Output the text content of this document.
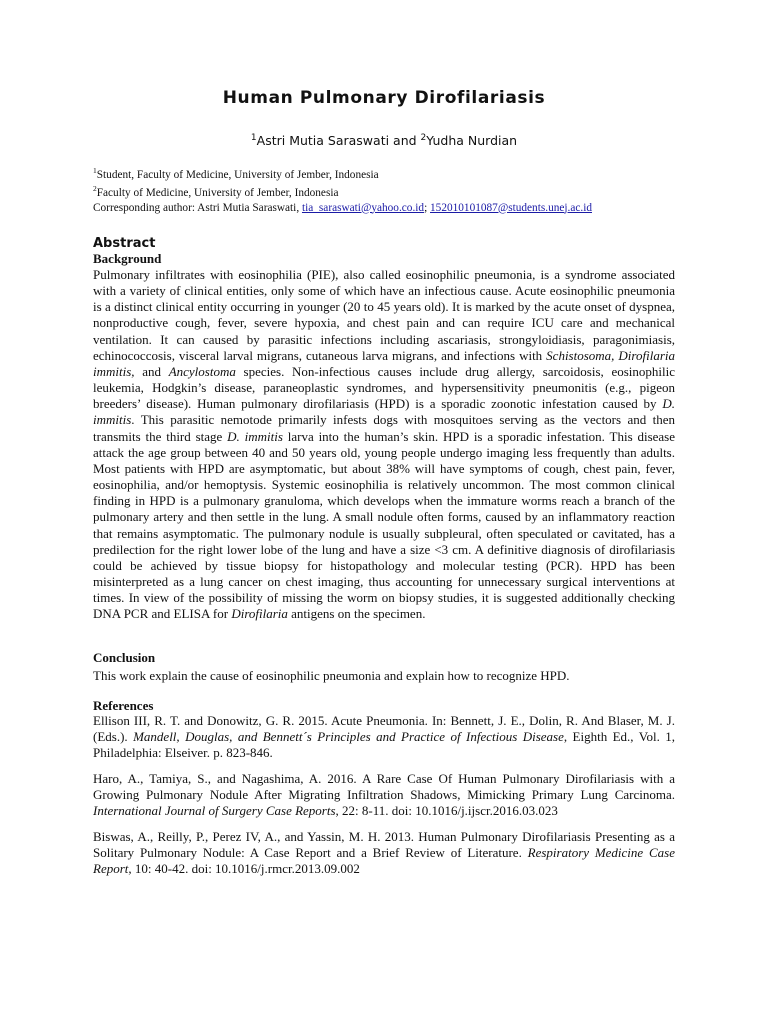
Human Pulmonary Dirofilariasis
$^1$Astri Mutia Saraswati and $^2$Yudha Nurdian
$^1$Student, Faculty of Medicine, University of Jember, Indonesia
$^2$Faculty of Medicine, University of Jember, Indonesia
Corresponding author: Astri Mutia Saraswati, tia_saraswati@yahoo.co.id; 152010101087@students.unej.ac.id
Abstract
Background

Pulmonary infiltrates with eosinophilia (PIE), also called eosinophilic pneumonia, is a syndrome associated with a variety of clinical entities, only some of which have an infectious cause. Acute eosinophilic pneumonia is a distinct clinical entity occurring in younger (20 to 45 years old). It is marked by the acute onset of dyspnea, nonproductive cough, fever, severe hypoxia, and chest pain and can require ICU care and mechanical ventilation. It can caused by parasitic infections including ascariasis, strongyloidiasis, paragonimiasis, echinococcosis, visceral larval migrans, cutaneous larva migrans, and infections with Schistosoma, Dirofilaria immitis, and Ancylostoma species. Non-infectious causes include drug allergy, sarcoidosis, eosinophilic leukemia, Hodgkin’s disease, paraneoplastic syndromes, and hypersensitivity pneumonitis (e.g., pigeon breeders’ disease). Human pulmonary dirofilariasis (HPD) is a sporadic zoonotic infestation caused by D. immitis. This parasitic nemotode primarily infests dogs with mosquitoes serving as the vectors and then transmits the third stage D. immitis larva into the human’s skin. HPD is a sporadic infestation. This disease attack the age group between 40 and 50 years old, young people undergo imaging less frequently than adults. Most patients with HPD are asymptomatic, but about 38% will have symptoms of cough, chest pain, fever, eosinophilia, and/or hemoptysis. Systemic eosinophilia is relatively uncommon. The most common clinical finding in HPD is a pulmonary granuloma, which develops when the immature worms reach a branch of the pulmonary artery and then settle in the lung. A small nodule often forms, caused by an inflammatory reaction that remains asymptomatic. The pulmonary nodule is usually subpleural, often speculated or cavitated, has a predilection for the right lower lobe of the lung and have a size <3 cm. A definitive diagnosis of dirofilariasis could be achieved by tissue biopsy for histopathology and molecular testing (PCR). HPD has been misinterpreted as a lung cancer on chest imaging, thus accounting for unnecessary surgical interventions at times. In view of the possibility of missing the worm on biopsy studies, it is suggested additionally checking DNA PCR and ELISA for Dirofilaria antigens on the specimen.

Conclusion

This work explain the cause of eosinophilic pneumonia and explain how to recognize HPD.

References

Ellison III, R. T. and Donowitz, G. R. 2015. Acute Pneumonia. In: Bennett, J. E., Dolin, R. And Blaser, M. J. (Eds.). Mandell, Douglas, and Bennett´s Principles and Practice of Infectious Disease, Eighth Ed., Vol. 1, Philadelphia: Elseiver. p. 823-846.

Haro, A., Tamiya, S., and Nagashima, A. 2016. A Rare Case Of Human Pulmonary Dirofilariasis with a Growing Pulmonary Nodule After Migrating Infiltration Shadows, Mimicking Primary Lung Carcinoma. International Journal of Surgery Case Reports, 22: 8-11. doi: 10.1016/j.ijscr.2016.03.023

Biswas, A., Reilly, P., Perez IV, A., and Yassin, M. H. 2013. Human Pulmonary Dirofilariasis Presenting as a Solitary Pulmonary Nodule: A Case Report and a Brief Review of Literature. Respiratory Medicine Case Report, 10: 40-42. doi: 10.1016/j.rmcr.2013.09.002
